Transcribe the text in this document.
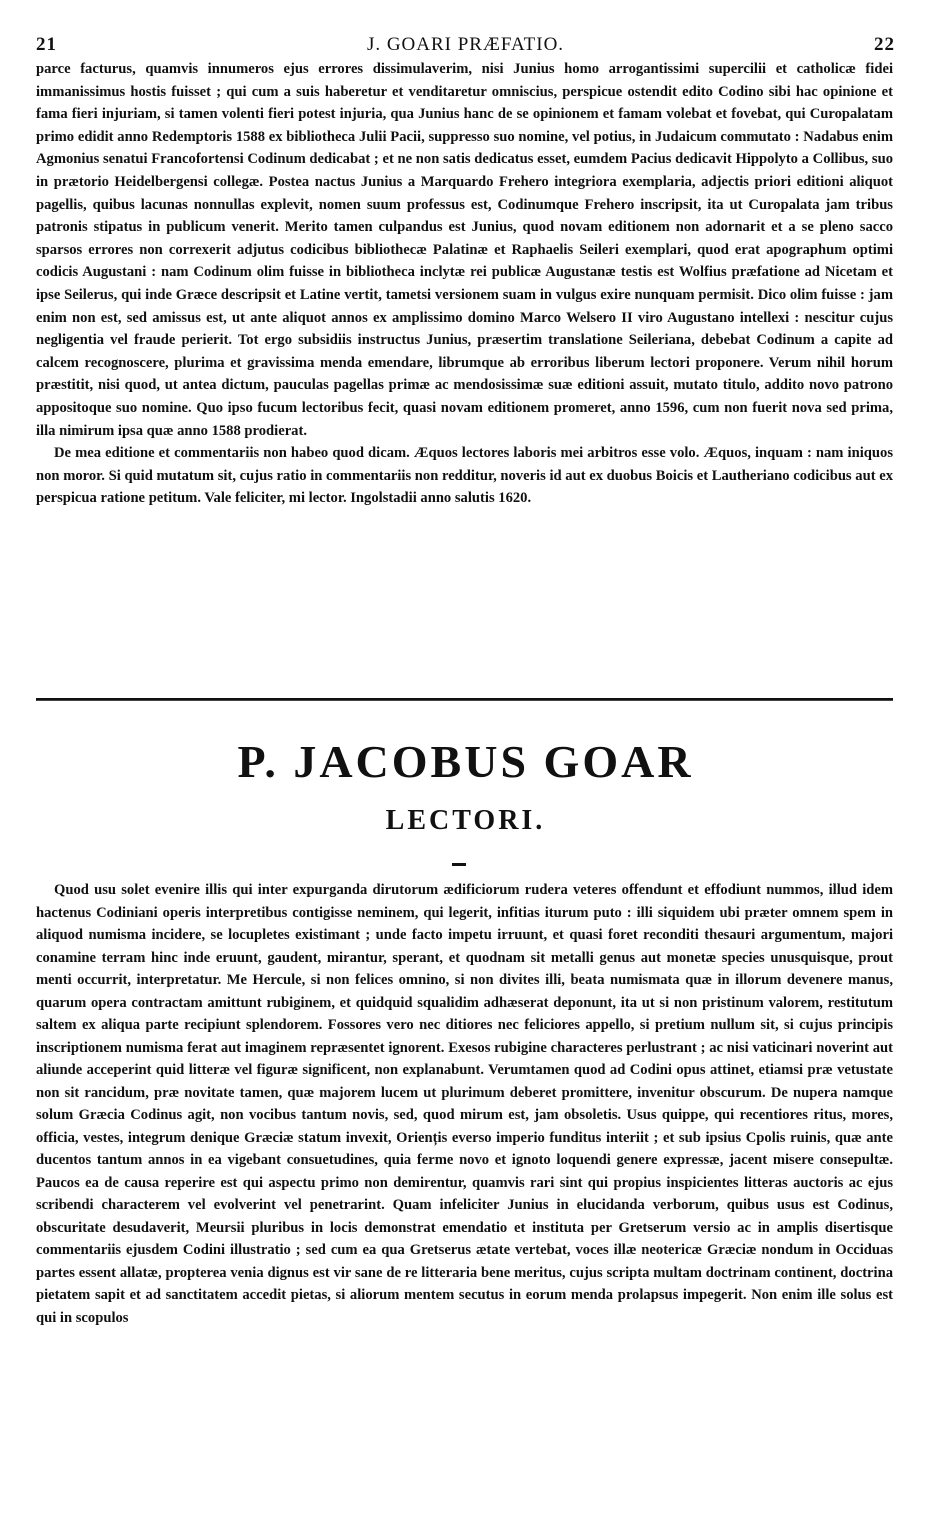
21	J. GOARI PRÆFATIO.	22

parce facturus, quamvis innumeros ejus errores dissimulaverim, nisi Junius homo arrogantissimi supercilii et catholicæ fidei immanissimus hostis fuisset ; qui cum a suis haberetur et venditaretur omniscius, perspicue ostendit edito Codino sibi hac opinione et fama fieri injuriam, si tamen volenti fieri potest injuria, qua Junius hanc de se opinionem et famam volebat et fovebat, qui Curopalatam primo edidit anno Redemptoris 1588 ex bibliotheca Julii Pacii, suppresso suo nomine, vel potius, in Judaicum commutato : Nadabus enim Agmonius senatui Francofortensi Codinum dedicabat ; et ne non satis dedicatus esset, eumdem Pacius dedicavit Hippolyto a Collibus, suo in prætorio Heidelbergensi collegæ. Postea nactus Junius a Marquardo Frehero integriora exemplaria, adjectis priori editioni aliquot pagellis, quibus lacunas nonnullas explevit, nomen suum professus est, Codinumque Frehero inscripsit, ita ut Curopalata jam tribus patronis stipatus in publicum venerit. Merito tamen culpandus est Junius, quod novam editionem non adornarit et a se pleno sacco sparsos errores non correxerit adjutus codicibus bibliothecæ Palatinæ et Raphaelis Seileri exemplari, quod erat apographum optimi codicis Augustani : nam Codinum olim fuisse in bibliotheca inclytæ rei publicæ Augustanæ testis est Wolfius præfatione ad Nicetam et ipse Seilerus, qui inde Græce descripsit et Latine vertit, tametsi versionem suam in vulgus exire nunquam permisit. Dico olim fuisse : jam enim non est, sed amissus est, ut ante aliquot annos ex amplissimo domino Marco Welsero II viro Augustano intellexi : nescitur cujus negligentia vel fraude perierit. Tot ergo subsidiis instructus Junius, præsertim translatione Seileriana, debebat Codinum a capite ad calcem recognoscere, plurima et gravissima menda emendare, librumque ab erroribus liberum lectori proponere. Verum nihil horum præstitit, nisi quod, ut antea dictum, pauculas pagellas primæ ac mendosissimæ suæ editioni assuit, mutato titulo, addito novo patrono appositoque suo nomine. Quo ipso fucum lectoribus fecit, quasi novam editionem promeret, anno 1596, cum non fuerit nova sed prima, illa nimirum ipsa quæ anno 1588 prodierat.

De mea editione et commentariis non habeo quod dicam. Æquos lectores laboris mei arbitros esse volo. Æquos, inquam : nam iniquos non moror. Si quid mutatum sit, cujus ratio in commentariis non redditur, noveris id aut ex duobus Boicis et Lautheriano codicibus aut ex perspicua ratione petitum. Vale feliciter, mi lector. Ingolstadii anno salutis 1620.

P. JACOBUS GOAR
LECTORI.

Quod usu solet evenire illis qui inter expurganda dirutorum ædificiorum rudera veteres offendunt et effodiunt nummos, illud idem hactenus Codiniani operis interpretibus contigisse neminem, qui legerit, infitias iturum puto : illi siquidem ubi præter omnem spem in aliquod numisma incidere, se locupletes existimant ; unde facto impetu irruunt, et quasi foret reconditi thesauri argumentum, majori conamine terram hinc inde eruunt, gaudent, mirantur, sperant, et quodnam sit metalli genus aut monetæ species unusquisque, prout menti occurrit, interpretatur. Me Hercule, si non felices omnino, si non divites illi, beata numismata quæ in illorum devenere manus, quarum opera contractam amittunt rubiginem, et quidquid squalidim adhæserat deponunt, ita ut si non pristinum valorem, restitutum saltem ex aliqua parte recipiunt splendorem. Fossores vero nec ditiores nec feliciores appello, si pretium nullum sit, si cujus principis inscriptionem numisma ferat aut imaginem repræsentet ignorent. Exesos rubigine characteres perlustrant ; ac nisi vaticinari noverint aut aliunde acceperint quid litteræ vel figuræ significent, non explanabunt. Verumtamen quod ad Codini opus attinet, etiamsi præ vetustate non sit rancidum, præ novitate tamen, quæ majorem lucem ut plurimum deberet promittere, invenitur obscurum. De nupera namque solum Græcia Codinus agit, non vocibus tantum novis, sed, quod mirum est, jam obsoletis. Usus quippe, qui recentiores ritus, mores, officia, vestes, integrum denique Græciæ statum invexit, Oriențis everso imperio funditus interiit ; et sub ipsius Cpolis ruinis, quæ ante ducentos tantum annos in ea vigebant consuetudines, quia ferme novo et ignoto loquendi genere expressæ, jacent misere consepultæ. Paucos ea de causa reperire est qui aspectu primo non demirentur, quamvis rari sint qui propius inspicientes litteras auctoris ac ejus scribendi characterem vel evolverint vel penetrarint. Quam infeliciter Junius in elucidanda verborum, quibus usus est Codinus, obscuritate desudaverit, Meursii pluribus in locis demonstrat emendatio et instituta per Gretserum versio ac in amplis disertisque commentariis ejusdem Codini illustratio ; sed cum ea qua Gretserus ætate vertebat, voces illæ neotericæ Græciæ nondum in Occiduas partes essent allatæ, propterea venia dignus est vir sane de re litteraria bene meritus, cujus scripta multam doctrinam continent, doctrina pietatem sapit et ad sanctitatem accedit pietas, si aliorum mentem secutus in eorum menda prolapsus impegerit. Non enim ille solus est qui in scopulos
